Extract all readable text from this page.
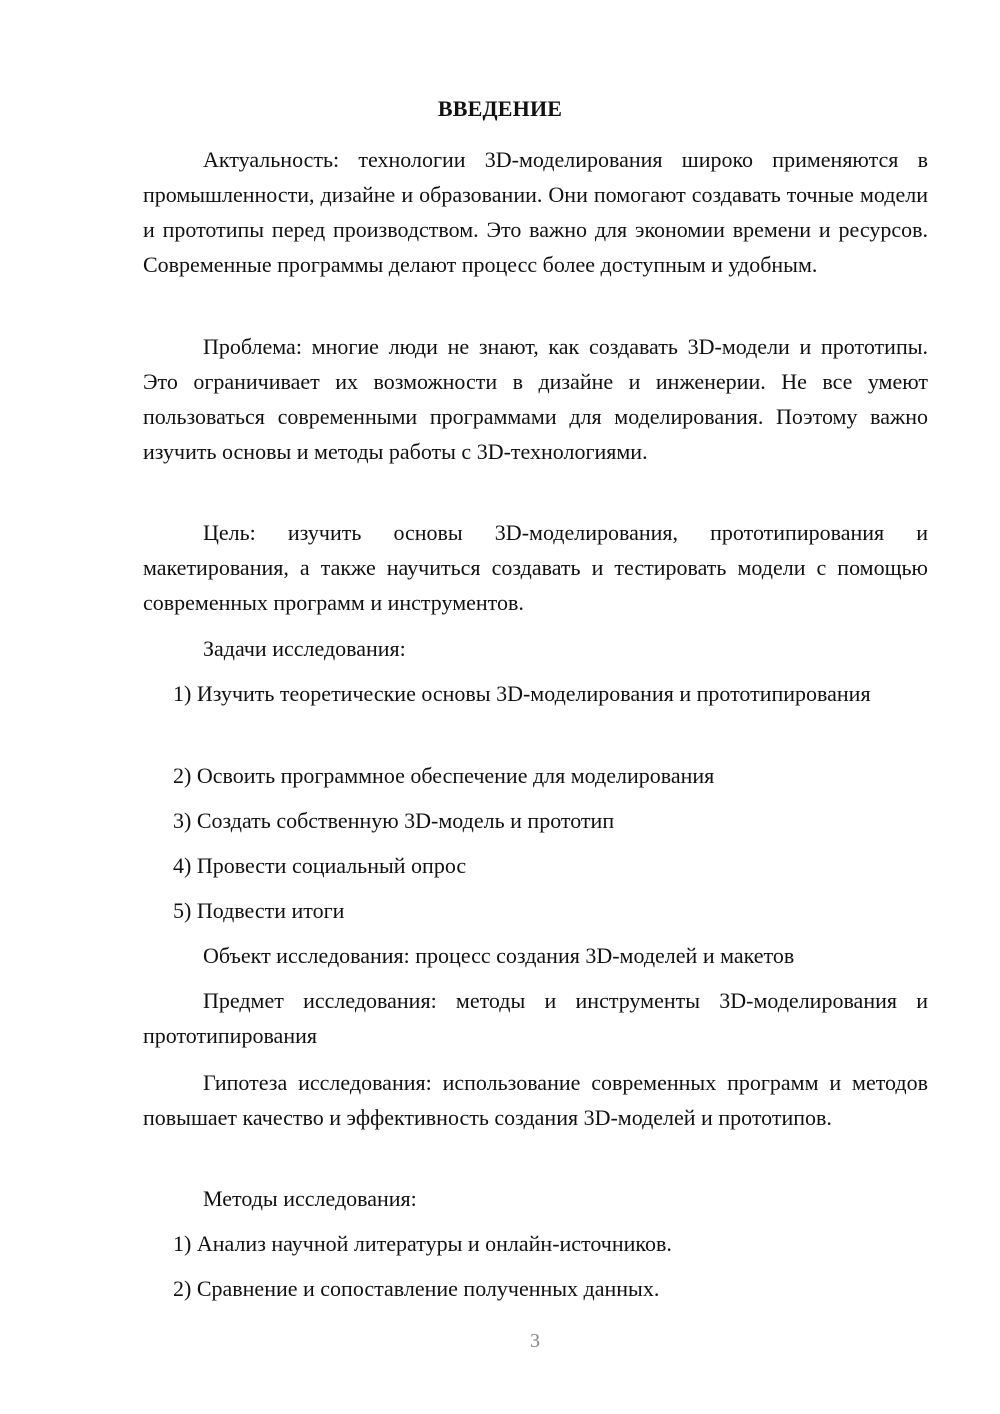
ВВЕДЕНИЕ

Актуальность: технологии 3D-моделирования широко применяются в промышленности, дизайне и образовании. Они помогают создавать точные модели и прототипы перед производством. Это важно для экономии времени и ресурсов. Современные программы делают процесс более доступным и удобным.

Проблема: многие люди не знают, как создавать 3D-модели и прототипы. Это ограничивает их возможности в дизайне и инженерии. Не все умеют пользоваться современными программами для моделирования. Поэтому важно изучить основы и методы работы с 3D-технологиями.

Цель: изучить основы 3D-моделирования, прототипирования и макетирования, а также научиться создавать и тестировать модели с помощью современных программ и инструментов.

Задачи исследования:

1) Изучить теоретические основы 3D-моделирования и прототипирования

2) Освоить программное обеспечение для моделирования

3) Создать собственную 3D-модель и прототип

4) Провести социальный опрос

5) Подвести итоги

Объект исследования: процесс создания 3D-моделей и макетов

Предмет исследования: методы и инструменты 3D-моделирования и прототипирования

Гипотеза исследования: использование современных программ и методов повышает качество и эффективность создания 3D-моделей и прототипов.

Методы исследования:

1) Анализ научной литературы и онлайн-источников.

2) Сравнение и сопоставление полученных данных.

3
